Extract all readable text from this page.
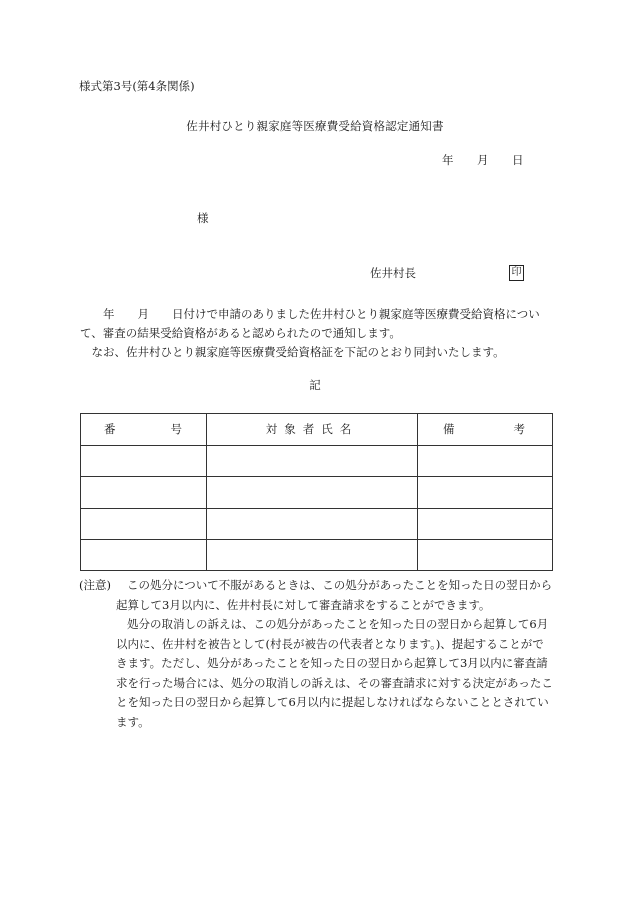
様式第3号(第4条関係)
佐井村ひとり親家庭等医療費受給資格認定通知書
年 月 日
様
佐井村長	印

　　年　　月　　日付けで申請のありました佐井村ひとり親家庭等医療費受給資格について、審査の結果受給資格があると認められたので通知します。

　なお、佐井村ひとり親家庭等医療費受給資格証を下記のとおり同封いたします。

記
番 号	対象者氏名	備 考

(注意)	この処分について不服があるときは、この処分があったことを知った日の翌日から起算して3月以内に、佐井村長に対して審査請求をすることができます。

処分の取消しの訴えは、この処分があったことを知った日の翌日から起算して6月以内に、佐井村を被告として(村長が被告の代表者となります。)、提起することができます。ただし、処分があったことを知った日の翌日から起算して3月以内に審査請求を行った場合には、処分の取消しの訴えは、その審査請求に対する決定があったことを知った日の翌日から起算して6月以内に提起しなければならないこととされています。
